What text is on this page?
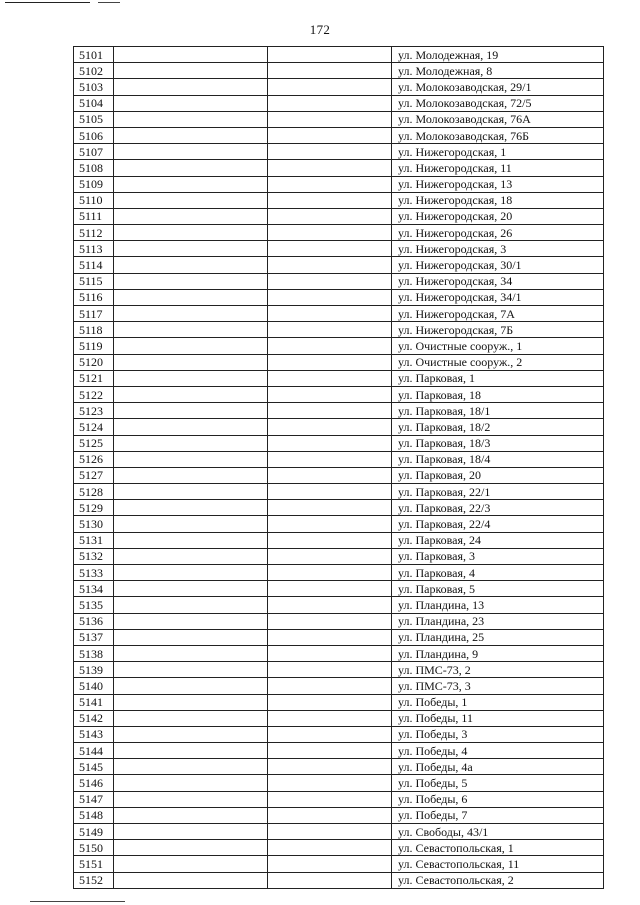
172
5101			ул. Молодежная, 19
5102			ул. Молодежная, 8
5103			ул. Молокозаводская, 29/1
5104			ул. Молокозаводская, 72/5
5105			ул. Молокозаводская, 76А
5106			ул. Молокозаводская, 76Б
5107			ул. Нижегородская, 1
5108			ул. Нижегородская, 11
5109			ул. Нижегородская, 13
5110			ул. Нижегородская, 18
5111			ул. Нижегородская, 20
5112			ул. Нижегородская, 26
5113			ул. Нижегородская, 3
5114			ул. Нижегородская, 30/1
5115			ул. Нижегородская, 34
5116			ул. Нижегородская, 34/1
5117			ул. Нижегородская, 7А
5118			ул. Нижегородская, 7Б
5119			ул. Очистные сооруж., 1
5120			ул. Очистные сооруж., 2
5121			ул. Парковая, 1
5122			ул. Парковая, 18
5123			ул. Парковая, 18/1
5124			ул. Парковая, 18/2
5125			ул. Парковая, 18/3
5126			ул. Парковая, 18/4
5127			ул. Парковая, 20
5128			ул. Парковая, 22/1
5129			ул. Парковая, 22/3
5130			ул. Парковая, 22/4
5131			ул. Парковая, 24
5132			ул. Парковая, 3
5133			ул. Парковая, 4
5134			ул. Парковая, 5
5135			ул. Пландина, 13
5136			ул. Пландина, 23
5137			ул. Пландина, 25
5138			ул. Пландина, 9
5139			ул. ПМС-73, 2
5140			ул. ПМС-73, 3
5141			ул. Победы, 1
5142			ул. Победы, 11
5143			ул. Победы, 3
5144			ул. Победы, 4
5145			ул. Победы, 4а
5146			ул. Победы, 5
5147			ул. Победы, 6
5148			ул. Победы, 7
5149			ул. Свободы, 43/1
5150			ул. Севастопольская, 1
5151			ул. Севастопольская, 11
5152			ул. Севастопольская, 2
